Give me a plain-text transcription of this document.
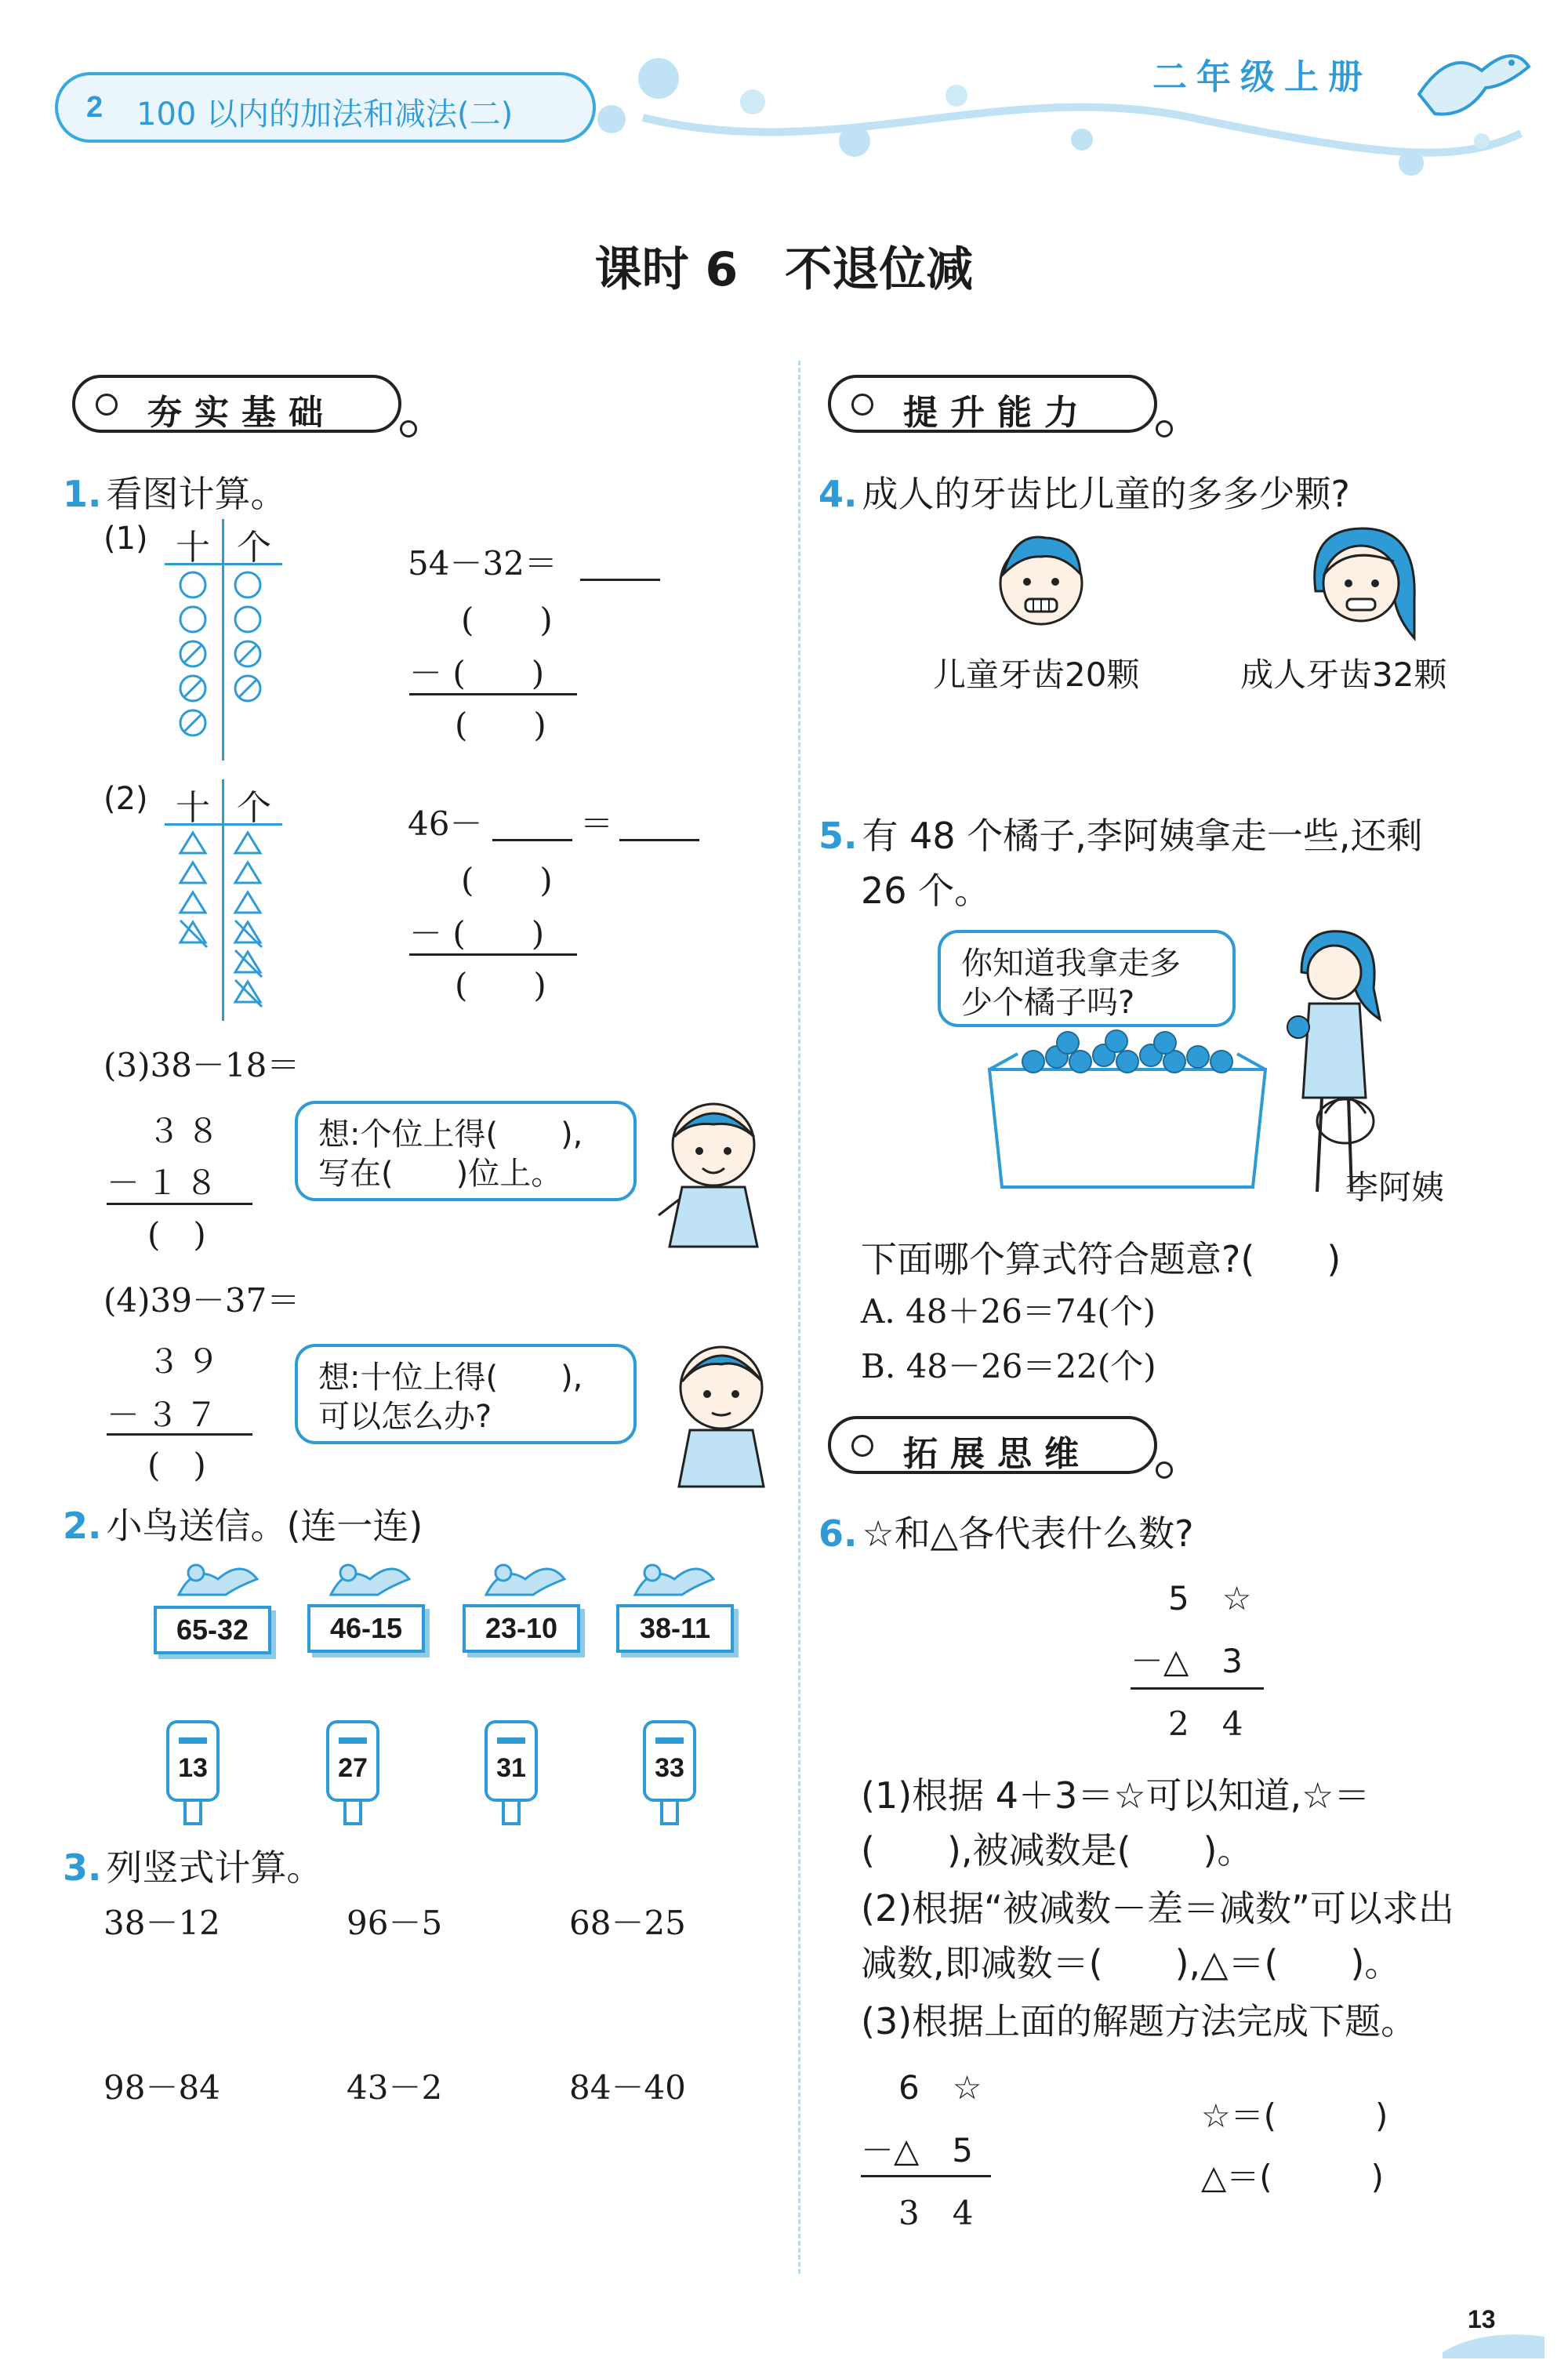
2 100 以内的加法和减法(二)
二年级上册
课时 6　不退位减
夯实基础
1. 看图计算。
(1) 十 个	54－32＝
(　　)
－ (　　)
(　　)
(2) 十 个	46－	＝
(　　)
－ (　　)
(　　)
(3)38－18＝
３８
－１８
(　)
想:个位上得(　　),
写在(　　)位上。
(4)39－37＝
３９
－３７
(　)
想:十位上得(　　),
可以怎么办?
2. 小鸟送信。(连一连)
65-32	46-15	23-10	38-11
13	27	31	33
3. 列竖式计算。
38－12	96－5	68－25
98－84	43－2	84－40
提升能力
4. 成人的牙齿比儿童的多多少颗?
儿童牙齿20颗	成人牙齿32颗
5. 有 48 个橘子,李阿姨拿走一些,还剩
26 个。
你知道我拿走多
少个橘子吗?
李阿姨
下面哪个算式符合题意?(　　)
A. 48＋26＝74(个)
B. 48－26＝22(个)
拓展思维
6. ☆和△各代表什么数?
5　☆
－△　3
2　4
(1)根据 4＋3＝☆可以知道,☆＝
(　　),被减数是(　　)。
(2)根据“被减数－差＝减数”可以求出
减数,即减数＝(　　),△＝(　　)。
(3)根据上面的解题方法完成下题。
6　☆
－△　5
3　4
☆＝(　　　)
△＝(　　　)
13
